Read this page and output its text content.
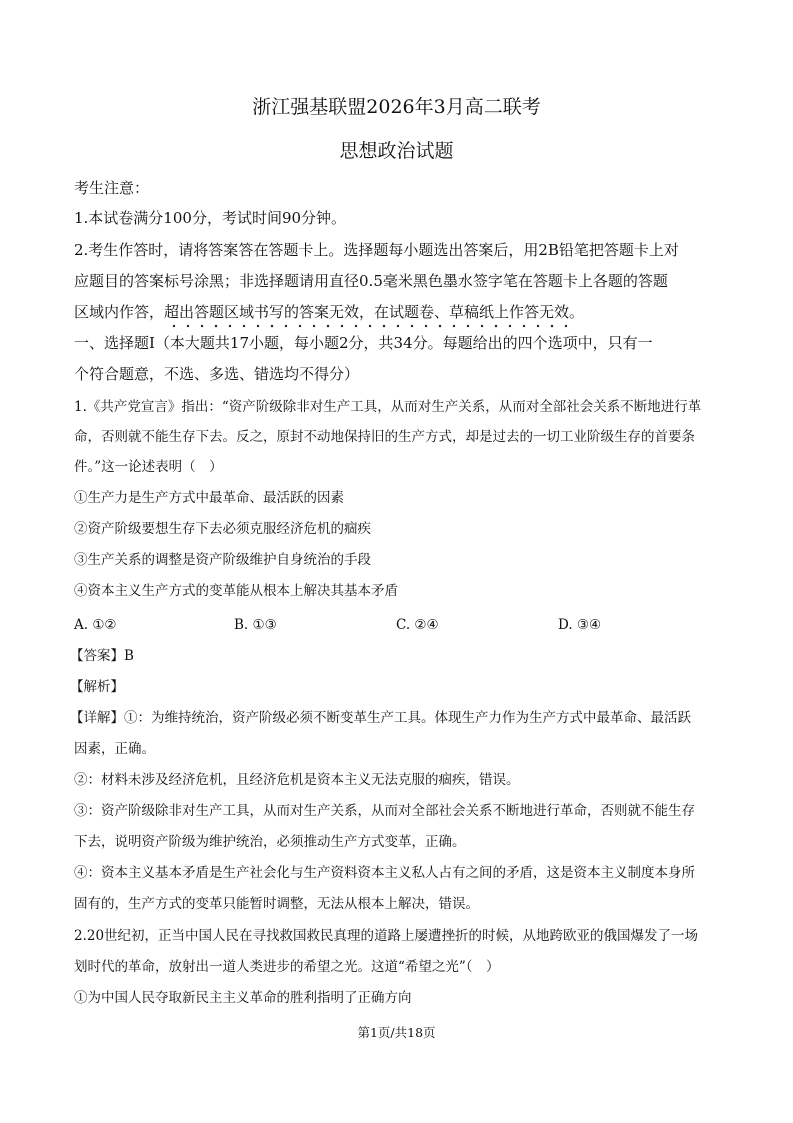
浙江强基联盟2026年3月高二联考
思想政治试题
考生注意：
1.本试卷满分100分，考试时间90分钟。
2.考生作答时，请将答案答在答题卡上。选择题每小题选出答案后，用2B铅笔把答题卡上对
应题目的答案标号涂黑；非选择题请用直径0.5毫米黑色墨水签字笔在答题卡上各题的答题
区域内作答，超出答题区域书写的答案无效，在试题卷、草稿纸上作答无效。
一、选择题Ⅰ（本大题共17小题，每小题2分，共34分。每题给出的四个选项中，只有一
个符合题意，不选、多选、错选均不得分）
1.《共产党宣言》指出：“资产阶级除非对生产工具，从而对生产关系，从而对全部社会关系不断地进行革
命，否则就不能生存下去。反之，原封不动地保持旧的生产方式，却是过去的一切工业阶级生存的首要条
件。”这一论述表明（　）
①生产力是生产方式中最革命、最活跃的因素
②资产阶级要想生存下去必须克服经济危机的痼疾
③生产关系的调整是资产阶级维护自身统治的手段
④资本主义生产方式的变革能从根本上解决其基本矛盾
A. ①②	B. ①③	C. ②④	D. ③④
【答案】B
【解析】
【详解】①：为维持统治，资产阶级必须不断变革生产工具。体现生产力作为生产方式中最革命、最活跃
因素，正确。
②：材料未涉及经济危机，且经济危机是资本主义无法克服的痼疾，错误。
③：资产阶级除非对生产工具，从而对生产关系，从而对全部社会关系不断地进行革命，否则就不能生存
下去，说明资产阶级为维护统治，必须推动生产方式变革，正确。
④：资本主义基本矛盾是生产社会化与生产资料资本主义私人占有之间的矛盾，这是资本主义制度本身所
固有的，生产方式的变革只能暂时调整，无法从根本上解决，错误。
2.20世纪初，正当中国人民在寻找救国救民真理的道路上屡遭挫折的时候，从地跨欧亚的俄国爆发了一场
划时代的革命，放射出一道人类进步的希望之光。这道“希望之光”（　）
①为中国人民夺取新民主主义革命的胜利指明了正确方向
第1页/共18页
